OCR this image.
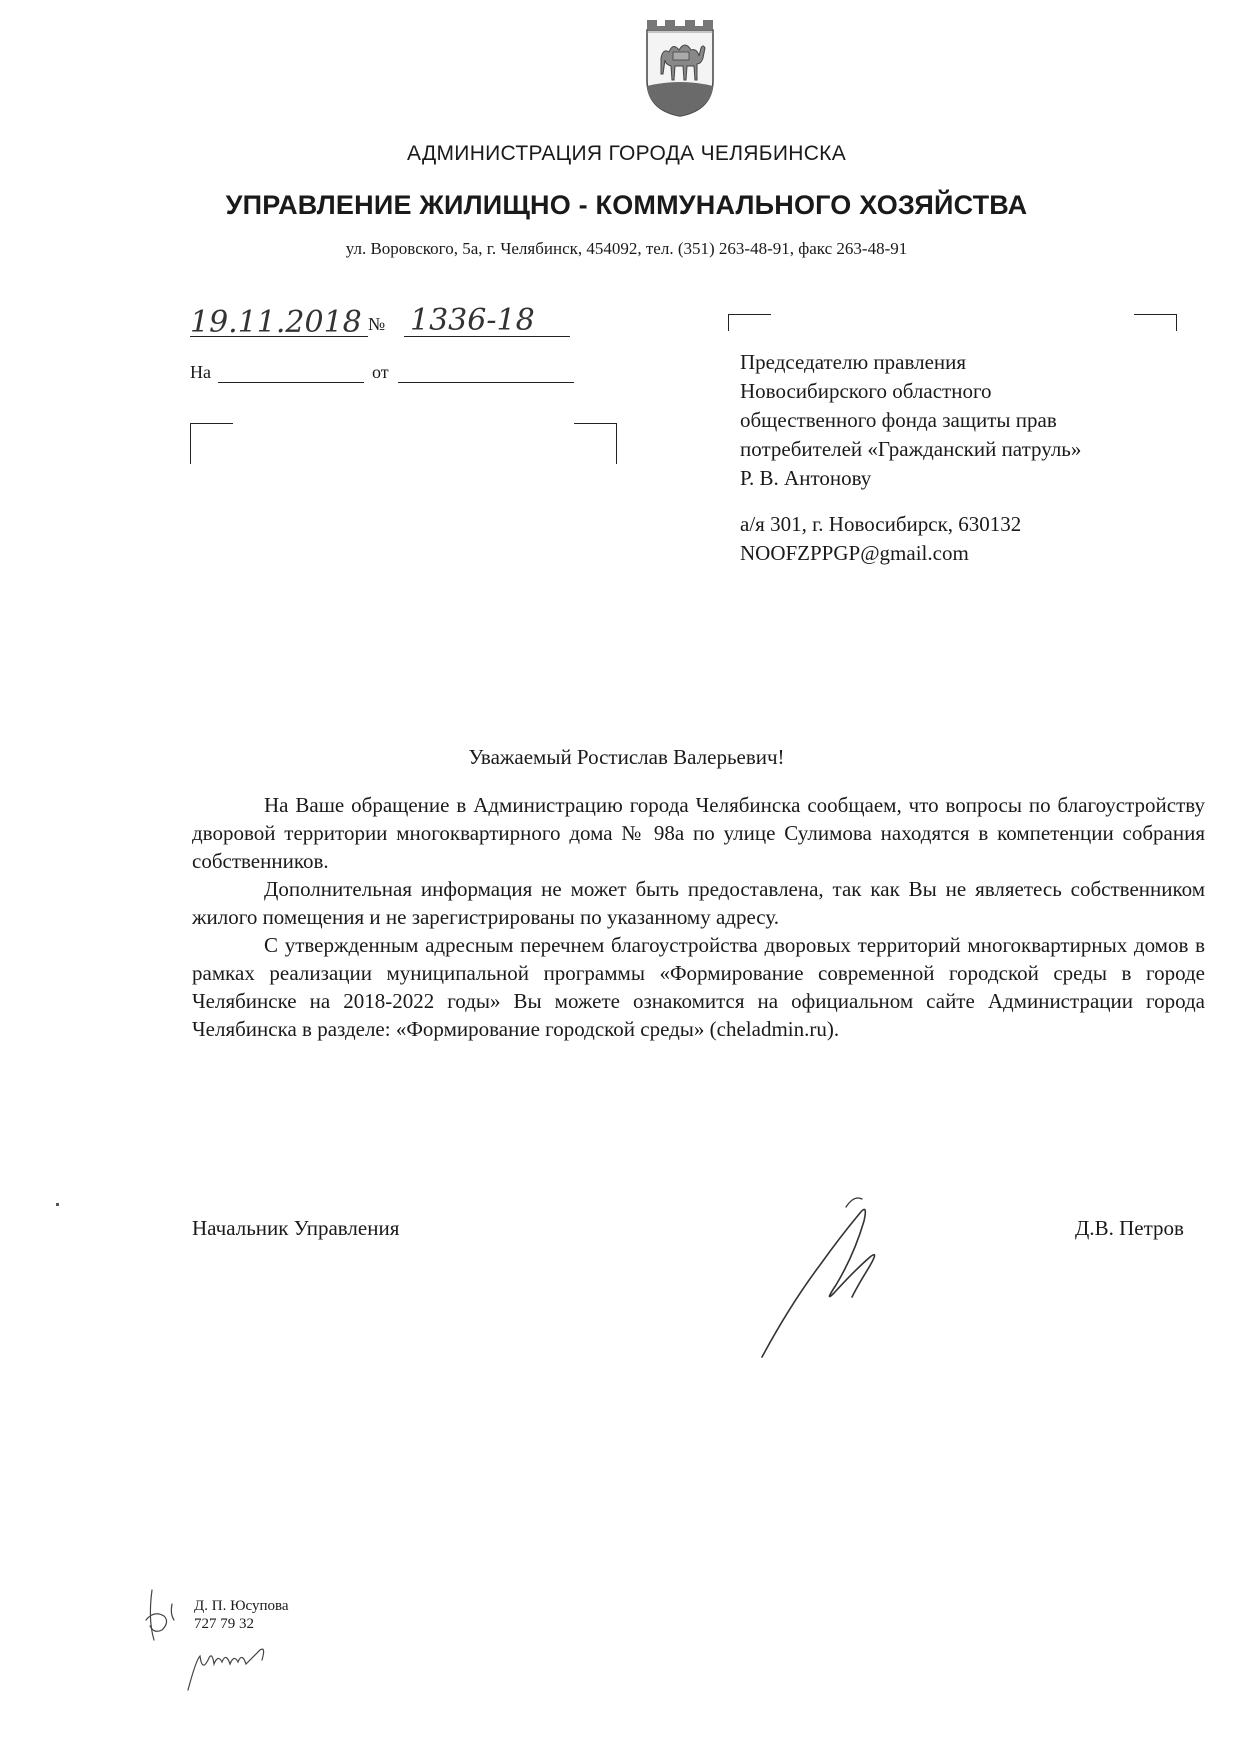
АДМИНИСТРАЦИЯ ГОРОДА ЧЕЛЯБИНСКА
УПРАВЛЕНИЕ ЖИЛИЩНО - КОММУНАЛЬНОГО ХОЗЯЙСТВА
ул. Воровского, 5а, г. Челябинск, 454092, тел. (351) 263-48-91, факс 263-48-91
19.11.2018 № 1336-18
На	от	Председателю правления
Новосибирского областного
общественного фонда защиты прав
потребителей «Гражданский патруль»
Р. В. Антонову
а/я 301, г. Новосибирск, 630132
NOOFZPPGP@gmail.com
Уважаемый Ростислав Валерьевич!

На Ваше обращение в Администрацию города Челябинска сообщаем, что вопросы по благоустройству дворовой территории многоквартирного дома № 98а по улице Сулимова находятся в компетенции собрания собственников.

Дополнительная информация не может быть предоставлена, так как Вы не являетесь собственником жилого помещения и не зарегистрированы по указанному адресу.

С утвержденным адресным перечнем благоустройства дворовых территорий многоквартирных домов в рамках реализации муниципальной программы «Формирование современной городской среды в городе Челябинске на 2018-2022 годы» Вы можете ознакомится на официальном сайте Администрации города Челябинска в разделе: «Формирование городской среды» (cheladmin.ru).

Начальник Управления	Д.В. Петров
Д. П. Юсупова
727 79 32
